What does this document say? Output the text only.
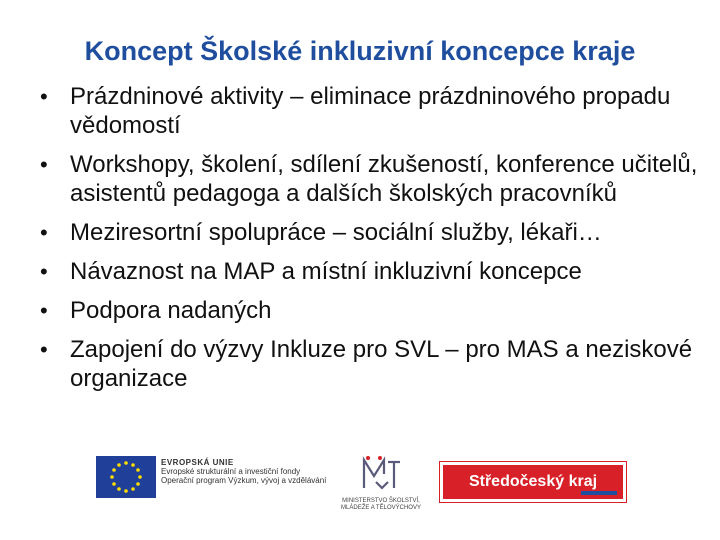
Koncept Školské inkluzivní koncepce kraje
• Prázdninové aktivity – eliminace prázdninového propadu vědomostí
• Workshopy, školení, sdílení zkušeností, konference učitelů, asistentů pedagoga a dalších školských pracovníků
• Meziresortní spolupráce – sociální služby, lékaři…
• Návaznost na MAP a místní inkluzivní koncepce
• Podpora nadaných
• Zapojení do výzvy Inkluze pro SVL – pro MAS a neziskové organizace
EVROPSKÁ UNIE
Evropské strukturální a investiční fondy
Operační program Výzkum, vývoj a vzdělávání
MINISTERSTVO ŠKOLSTVÍ,
MLÁDEŽE A TĚLOVÝCHOVY
Středočeský kraj
